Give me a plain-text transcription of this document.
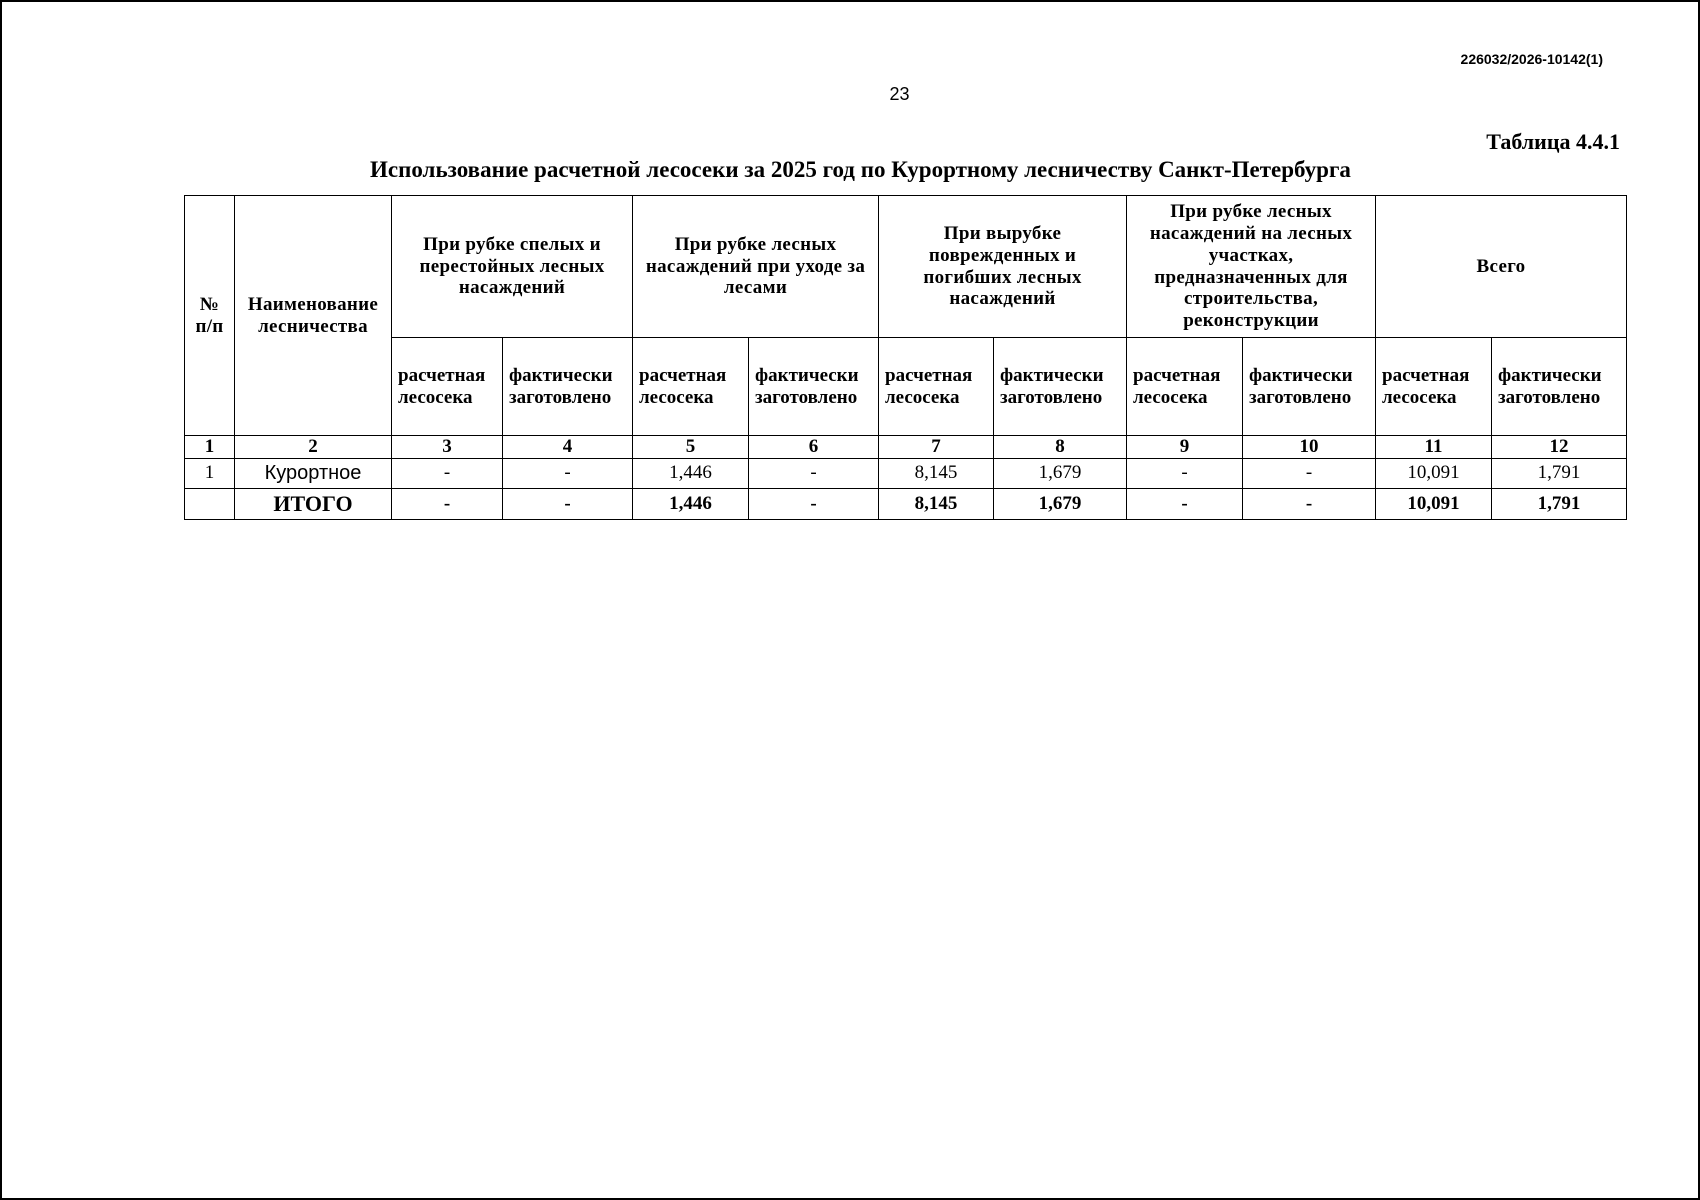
226032/2026-10142(1)
23
Таблица 4.4.1
Использование расчетной лесосеки за 2025 год по Курортному лесничеству Санкт-Петербурга
№ п/п	Наименование лесничества	При рубке спелых и перестойных лесных насаждений		При рубке лесных насаждений при уходе за лесами		При вырубке поврежденных и погибших лесных насаждений		При рубке лесных насаждений на лесных участках, предназначенных для строительства, реконструкции		Всего	
		расчетная лесосека	фактически заготовлено	расчетная лесосека	фактически заготовлено	расчетная лесосека	фактически заготовлено	расчетная лесосека	фактически заготовлено	расчетная лесосека	фактически заготовлено
1	2	3	4	5	6	7	8	9	10	11	12
1	Курортное	-	-	1,446	-	8,145	1,679	-	-	10,091	1,791
	ИТОГО	-	-	1,446	-	8,145	1,679	-	-	10,091	1,791
